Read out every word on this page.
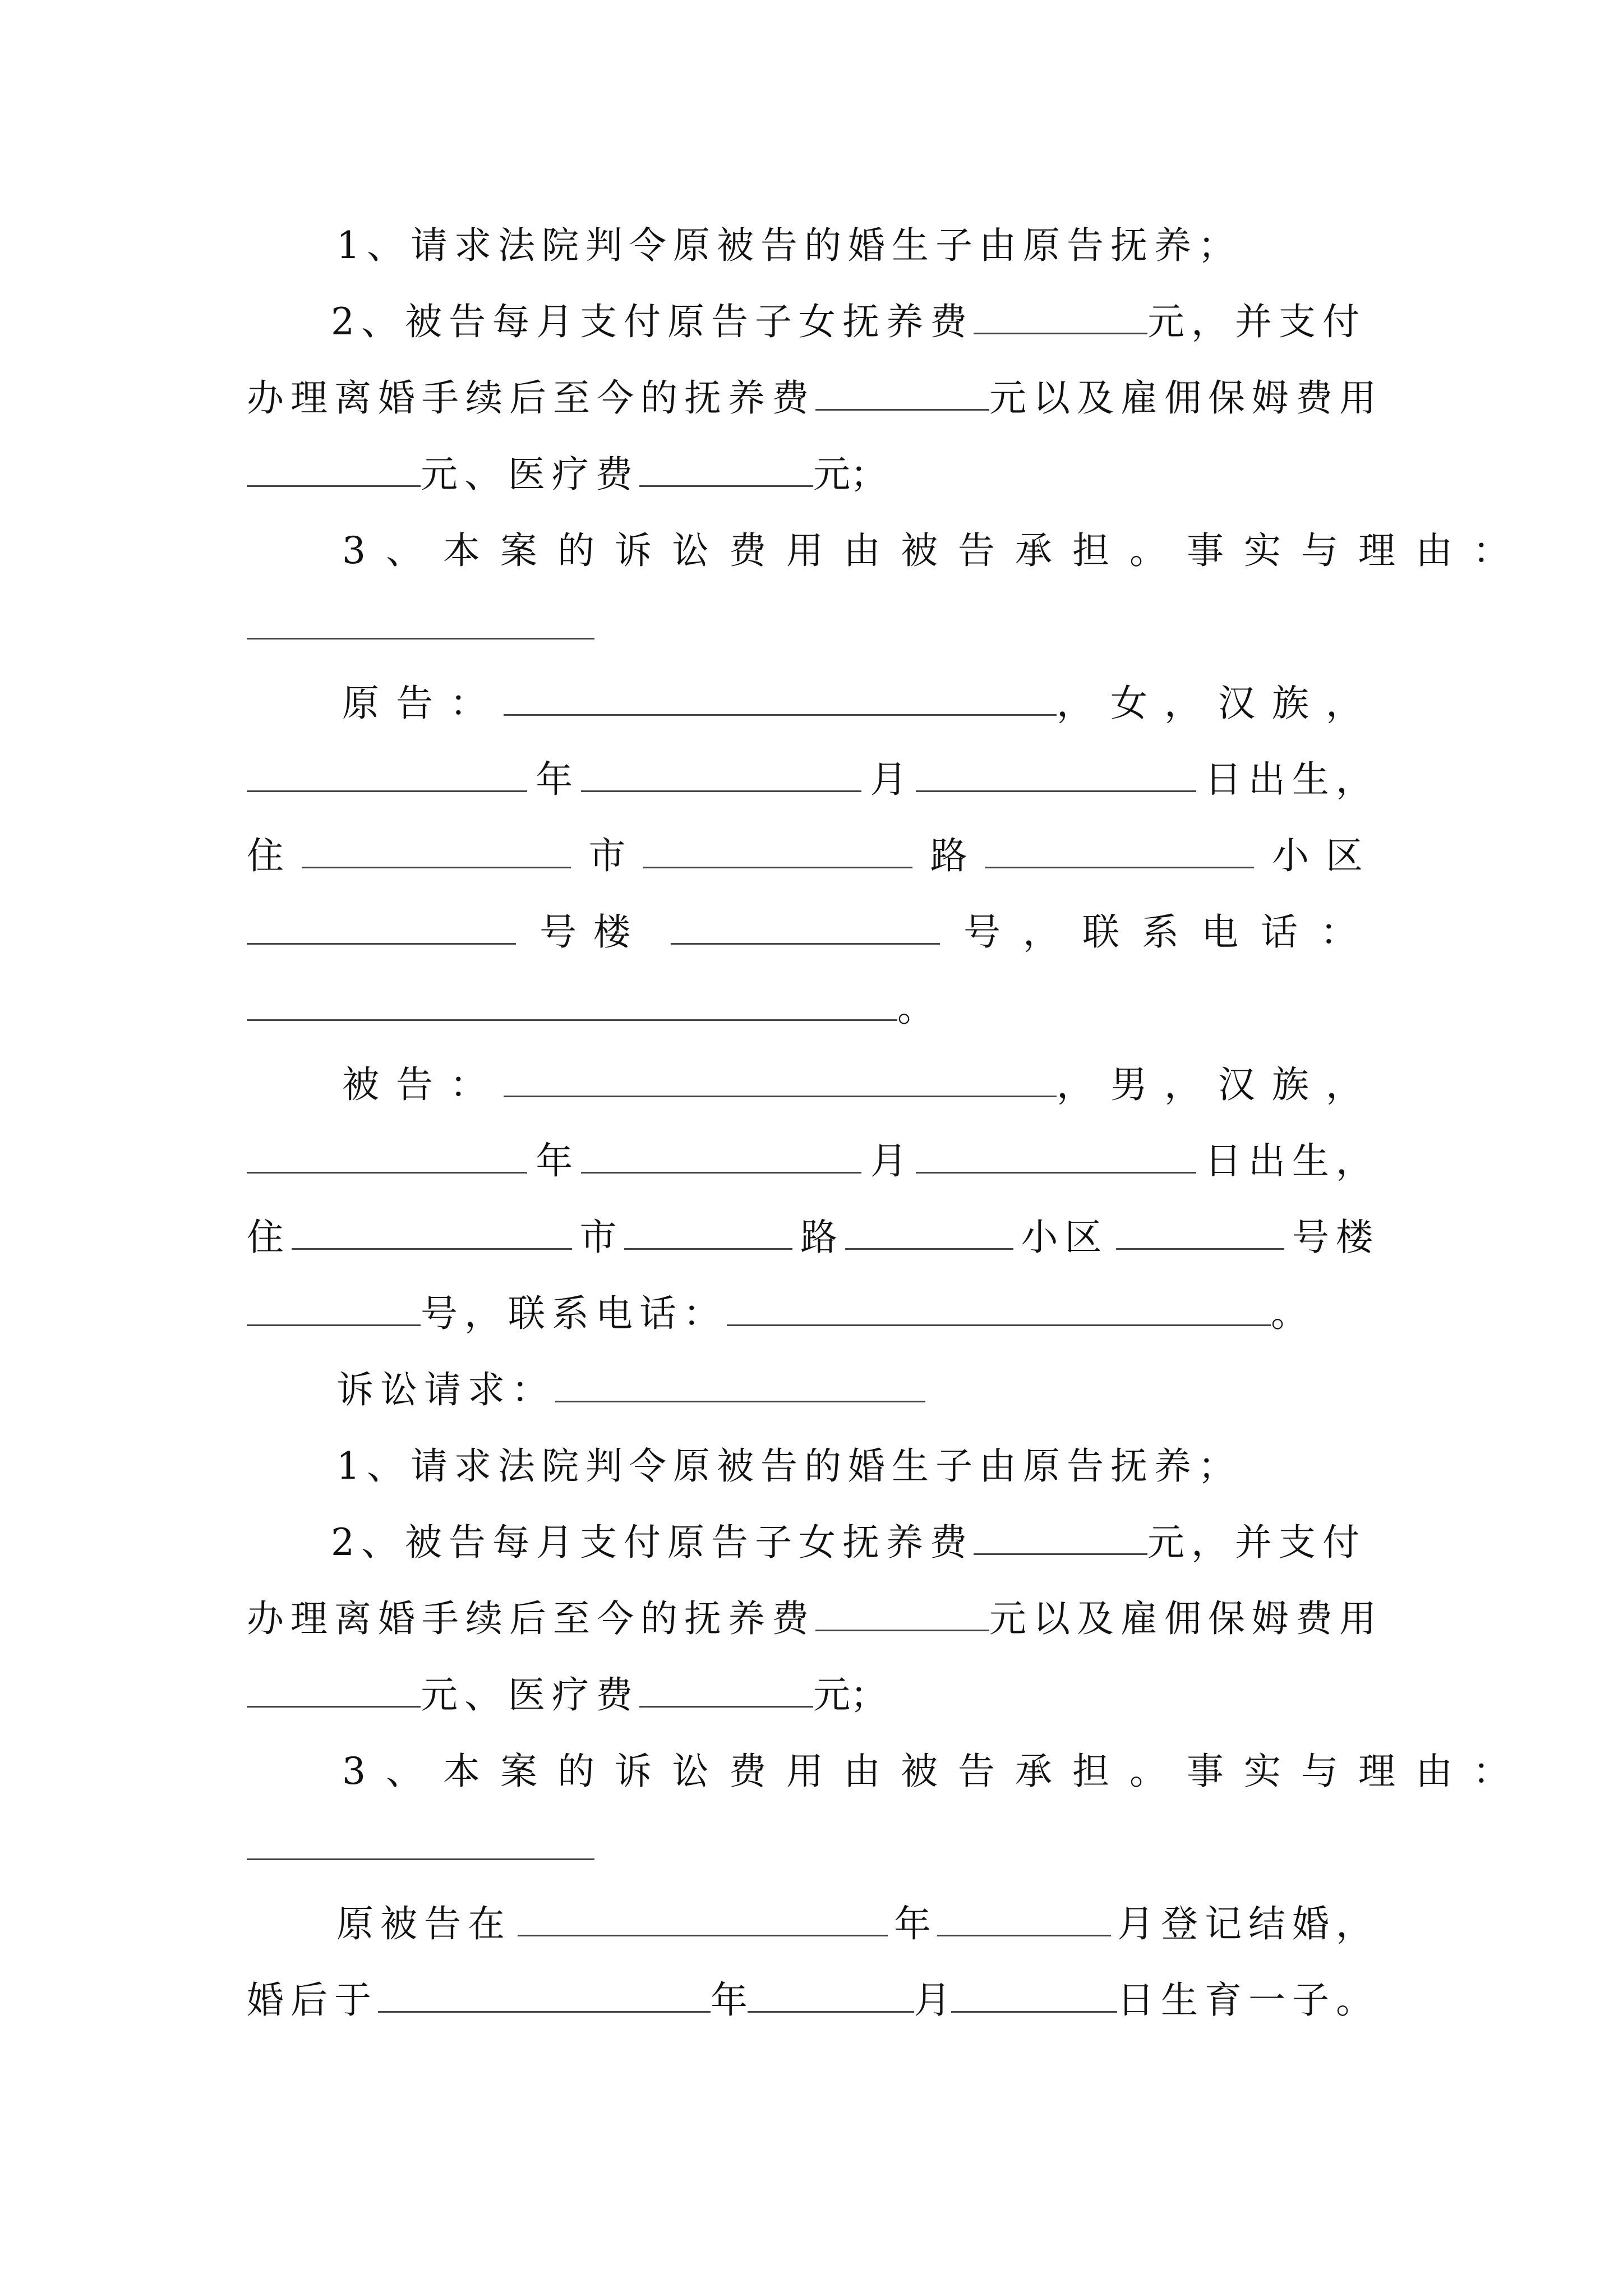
1、请求法院判令原被告的婚生子由原告抚养；
2、被告每月支付原告子女抚养费	元，并支付
办理离婚手续后至今的抚养费	元以及雇佣保姆费用
元、医疗费	元；
3、本案的诉讼费用由被告承担。事实与理由：
原告：	，女，汉族，
年	月	日出生，
住	市	路	小区
号楼	号，联系电话：
。
被告：	，男，汉族，
年	月	日出生，
住	市	路	小区	号楼
号，联系电话：	。
诉讼请求：
1、请求法院判令原被告的婚生子由原告抚养；
2、被告每月支付原告子女抚养费	元，并支付
办理离婚手续后至今的抚养费	元以及雇佣保姆费用
元、医疗费	元；
3、本案的诉讼费用由被告承担。事实与理由：
原被告在	年	月登记结婚，
婚后于	年	月	日生育一子。
